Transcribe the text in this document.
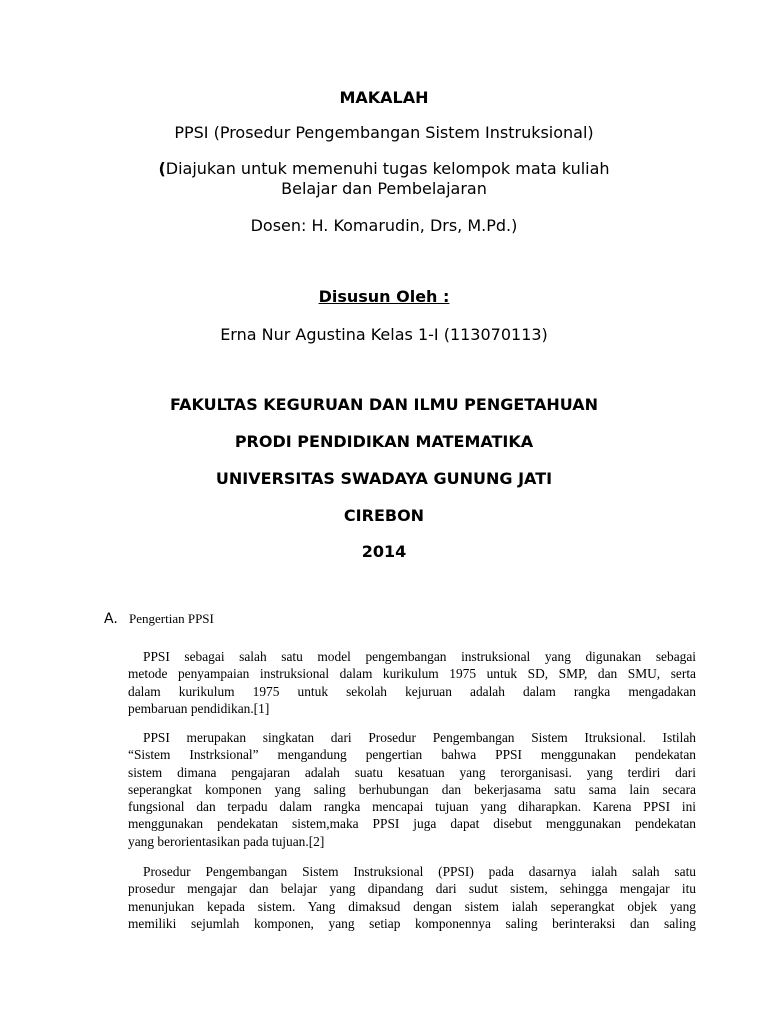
MAKALAH
PPSI (Prosedur Pengembangan Sistem Instruksional)
(Diajukan untuk memenuhi tugas kelompok mata kuliah
Belajar dan Pembelajaran
Dosen: H. Komarudin, Drs, M.Pd.)
Disusun Oleh :
Erna Nur Agustina Kelas 1-I (113070113)
FAKULTAS KEGURUAN DAN ILMU PENGETAHUAN
PRODI PENDIDIKAN MATEMATIKA
UNIVERSITAS SWADAYA GUNUNG JATI
CIREBON
2014
A. Pengertian PPSI
PPSI sebagai salah satu model pengembangan instruksional yang digunakan sebagai
metode penyampaian instruksional dalam kurikulum 1975 untuk SD, SMP, dan SMU, serta
dalam kurikulum 1975 untuk sekolah kejuruan adalah dalam rangka mengadakan
pembaruan pendidikan.[1]
PPSI merupakan singkatan dari Prosedur Pengembangan Sistem Itruksional. Istilah
“Sistem Instrksional” mengandung pengertian bahwa PPSI menggunakan pendekatan
sistem dimana pengajaran adalah suatu kesatuan yang terorganisasi. yang terdiri dari
seperangkat komponen yang saling berhubungan dan bekerjasama satu sama lain secara
fungsional dan terpadu dalam rangka mencapai tujuan yang diharapkan. Karena PPSI ini
menggunakan pendekatan sistem,maka PPSI juga dapat disebut menggunakan pendekatan
yang berorientasikan pada tujuan.[2]
Prosedur Pengembangan Sistem Instruksional (PPSI) pada dasarnya ialah salah satu
prosedur mengajar dan belajar yang dipandang dari sudut sistem, sehingga mengajar itu
menunjukan kepada sistem. Yang dimaksud dengan sistem ialah seperangkat objek yang
memiliki sejumlah komponen, yang setiap komponennya saling berinteraksi dan saling
